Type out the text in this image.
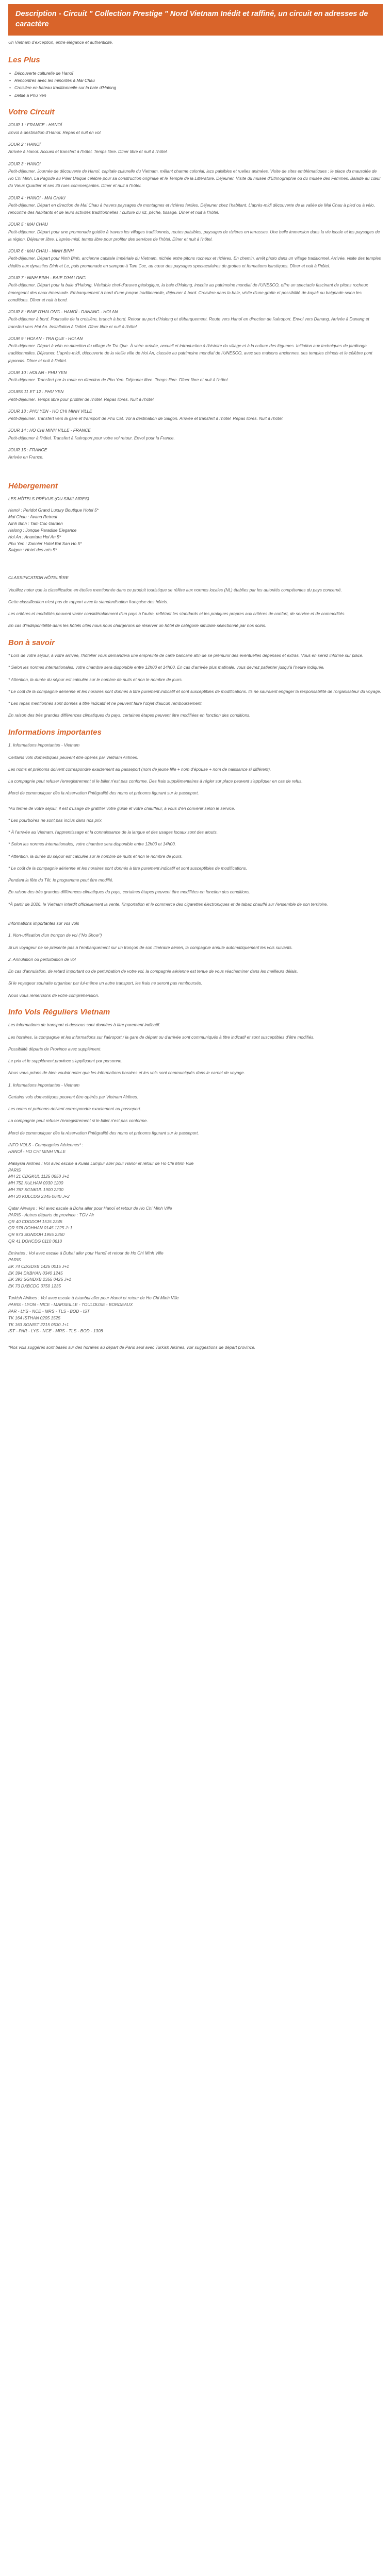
Description - Circuit " Collection Prestige " Nord Vietnam Inédit et raffiné, un circuit en adresses de caractère
Un Vietnam d'exception, entre élégance et authenticité.
Les Plus
• Découverte culturelle de Hanoï
• Rencontres avec les minorités à Mai Chau
• Croisière en bateau traditionnelle sur la baie d'Halong
• Défilé à Phu Yen
Votre Circuit
JOUR 1 : FRANCE - HANOÏ
Envol à destination d'Hanoï. Repas et nuit en vol.
JOUR 2 : HANOÏ
Arrivée à Hanoï. Accueil et transfert à l'hôtel. Temps libre. Dîner libre et nuit à l'hôtel.
JOUR 3 : HANOÏ
Petit-déjeuner. Journée de découverte de Hanoï, capitale culturelle du Vietnam, mêlant charme colonial, lacs paisibles et ruelles animées. Visite de sites emblématiques : le place du mausolée de Ho Chi Minh, La Pagode au Pilier Unique célèbre pour sa construction originale et le Temple de la Littérature. Déjeuner. Visite du musée d'Ethnographie ou du musée des Femmes. Balade au cœur du Vieux Quartier et ses 36 rues commerçantes. Dîner et nuit à l'hôtel.
JOUR 4 : HANOÏ - MAI CHAU
Petit-déjeuner. Départ en direction de Mai Chau à travers paysages de montagnes et rizières fertiles. Déjeuner chez l'habitant. L'après-midi découverte de la vallée de Mai Chau à pied ou à vélo, rencontre des habitants et de leurs activités traditionnelles : culture du riz, pêche, tissage. Dîner et nuit à l'hôtel.
JOUR 5 : MAI CHAU
Petit-déjeuner. Départ pour une promenade guidée à travers les villages traditionnels, routes paisibles, paysages de rizières en terrasses. Une belle immersion dans la vie locale et les paysages de la région. Déjeuner libre. L'après-midi, temps libre pour profiter des services de l'hôtel. Dîner et nuit à l'hôtel.
JOUR 6 : MAI CHAU - NINH BINH
Petit-déjeuner. Départ pour Ninh Binh, ancienne capitale impériale du Vietnam, nichée entre pitons rocheux et rizières. En chemin, arrêt photo dans un village traditionnel. Arrivée, visite des temples dédiés aux dynasties Dinh et Le, puis promenade en sampan à Tam Coc, au cœur des paysages spectaculaires de grottes et formations karstiques. Dîner et nuit à l'hôtel.
JOUR 7 : NINH BINH - BAIE D'HALONG
Petit-déjeuner. Départ pour la baie d'Halong. Véritable chef-d'œuvre géologique, la baie d'Halong, inscrite au patrimoine mondial de l'UNESCO, offre un spectacle fascinant de pitons rocheux émergeant des eaux émeraude. Embarquement à bord d'une jonque traditionnelle, déjeuner à bord. Croisière dans la baie, visite d'une grotte et possibilité de kayak ou baignade selon les conditions. Dîner et nuit à bord.
JOUR 8 : BAIE D'HALONG - HANOÏ - DANANG - HOI AN
Petit-déjeuner à bord. Poursuite de la croisière, brunch à bord. Retour au port d'Halong et débarquement. Route vers Hanoï en direction de l'aéroport. Envol vers Danang. Arrivée à Danang et transfert vers Hoi An. Installation à l'hôtel. Dîner libre et nuit à l'hôtel.
JOUR 9 : HOI AN - TRA QUE - HOI AN
Petit-déjeuner. Départ à vélo en direction du village de Tra Que. À votre arrivée, accueil et introduction à l'histoire du village et à la culture des légumes. Initiation aux techniques de jardinage traditionnelles. Déjeuner. L'après-midi, découverte de la vieille ville de Hoi An, classée au patrimoine mondial de l'UNESCO, avec ses maisons anciennes, ses temples chinois et le célèbre pont japonais. Dîner et nuit à l'hôtel.
JOUR 10 : HOI AN - PHU YEN
Petit-déjeuner. Transfert par la route en direction de Phu Yen. Déjeuner libre. Temps libre. Dîner libre et nuit à l'hôtel.
JOURS 11 ET 12 : PHU YEN
Petit-déjeuner. Temps libre pour profiter de l'hôtel. Repas libres. Nuit à l'hôtel.
JOUR 13 : PHU YEN - HO CHI MINH VILLE
Petit-déjeuner. Transfert vers la gare et transport de Phu Cat. Vol à destination de Saigon. Arrivée et transfert à l'hôtel. Repas libres. Nuit à l'hôtel.
JOUR 14 : HO CHI MINH VILLE - FRANCE
Petit-déjeuner à l'hôtel. Transfert à l'aéroport pour votre vol retour. Envol pour la France.
JOUR 15 : FRANCE
Arrivée en France.
Hébergement
LES HÔTELS PRÉVUS (OU SIMILAIRES)
Hanoï : Peridot Grand Luxury Boutique Hotel 5*
Mai Chau : Avana Retreat
Ninh Binh : Tam Coc Garden
Halong : Jonque Paradise Elegance
Hoi An : Anantara Hoi An 5*
Phu Yen : Zannier Hotel Bai San Ho 5*
Saigon : Hotel des arts 5*
CLASSIFICATION HÔTELIÈRE
Veuillez noter que la classification en étoiles mentionnée dans ce produit touristique se réfère aux normes locales (NL) établies par les autorités compétentes du pays concerné.
Cette classification n'est pas de rapport avec la standardisation française des hôtels.
Les critères et modalités peuvent varier considérablement d'un pays à l'autre, reflétant les standards et les pratiques propres aux critères de confort, de service et de commodités.
En cas d'indisponibilité dans les hôtels cités nous nous chargerons de réserver un hôtel de catégorie similaire sélectionné par nos soins.
Bon à savoir
* Lors de votre séjour, à votre arrivée, l'hôtelier vous demandera une empreinte de carte bancaire afin de se prémunir des éventuelles dépenses et extras. Vous en serez informé sur place.
* Selon les normes internationales, votre chambre sera disponible entre 12h00 et 14h00. En cas d'arrivée plus matinale, vous devrez patienter jusqu'à l'heure indiquée.
* Attention, la durée du séjour est calculée sur le nombre de nuits et non le nombre de jours.
* Le coût de la compagnie aérienne et les horaires sont donnés à titre purement indicatif et sont susceptibles de modifications. Ils ne sauraient engager la responsabilité de l'organisateur du voyage.
* Les repas mentionnés sont donnés à titre indicatif et ne peuvent faire l'objet d'aucun remboursement.
En raison des très grandes différences climatiques du pays, certaines étapes peuvent être modifiées en fonction des conditions.
Informations importantes
1. Informations importantes - Vietnam
Certains vols domestiques peuvent être opérés par Vietnam Airlines.
Les noms et prénoms doivent correspondre exactement au passeport (nom de jeune fille + nom d'épouse + nom de naissance si différent).
La compagnie peut refuser l'enregistrement si le billet n'est pas conforme. Des frais supplémentaires à régler sur place peuvent s'appliquer en cas de refus.
Merci de communiquer dès la réservation l'intégralité des noms et prénoms figurant sur le passeport.
*Au terme de votre séjour, il est d'usage de gratifier votre guide et votre chauffeur, à vous d'en convenir selon le service.
* Les pourboires ne sont pas inclus dans nos prix.
* À l'arrivée au Vietnam, l'apprentissage et la connaissance de la langue et des usages locaux sont des atouts.
* Selon les normes internationales, votre chambre sera disponible entre 12h00 et 14h00.
* Attention, la durée du séjour est calculée sur le nombre de nuits et non le nombre de jours.
* Le coût de la compagnie aérienne et les horaires sont donnés à titre purement indicatif et sont susceptibles de modifications.
Pendant la fête du Têt, le programme peut être modifié.
En raison des très grandes différences climatiques du pays, certaines étapes peuvent être modifiées en fonction des conditions.
*À partir de 2026, le Vietnam interdit officiellement la vente, l'importation et le commerce des cigarettes électroniques et de tabac chauffé sur l'ensemble de son territoire.
Informations importantes sur vos vols
1. Non-utilisation d'un tronçon de vol ("No Show")
Si un voyageur ne se présente pas à l'embarquement sur un tronçon de son itinéraire aérien, la compagnie annule automatiquement les vols suivants.
2. Annulation ou perturbation de vol
En cas d'annulation, de retard important ou de perturbation de votre vol, la compagnie aérienne est tenue de vous réacheminer dans les meilleurs délais.
Si le voyageur souhaite organiser par lui-même un autre transport, les frais ne seront pas remboursés.
Nous vous remercions de votre compréhension.
Info Vols Réguliers Vietnam
Les informations de transport ci-dessous sont données à titre purement indicatif.
Les horaires, la compagnie et les informations sur l'aéroport / la gare de départ ou d'arrivée sont communiqués à titre indicatif et sont susceptibles d'être modifiés.
Possibilité départs de Province avec supplément.
Le prix et le supplément province s'appliquent par personne.
Nous vous prions de bien vouloir noter que les informations horaires et les vols sont communiqués dans le carnet de voyage.
1. Informations importantes - Vietnam
Certains vols domestiques peuvent être opérés par Vietnam Airlines.
Les noms et prénoms doivent correspondre exactement au passeport.
La compagnie peut refuser l'enregistrement si le billet n'est pas conforme.
Merci de communiquer dès la réservation l'intégralité des noms et prénoms figurant sur le passeport.
INFO VOLS - Compagnies Aériennes* :
HANOÏ - HO CHI MINH VILLE
Malaysia Airlines : Vol avec escale à Kuala Lumpur aller pour Hanoï et retour de Ho Chi Minh Ville
PARIS
MH 21 CDGKUL 1125 0650 J+1
MH 752 KULHAN 0930 1200
MH 767 SGNKUL 1900 2200
MH 20 KULCDG 2345 0640 J+2
Qatar Airways : Vol avec escale à Doha aller pour Hanoï et retour de Ho Chi Minh Ville
PARIS - Autres départs de province : TGV Air
QR 40 CDGDOH 1515 2345
QR 976 DOHHAN 0145 1225 J+1
QR 973 SGNDOH 1955 2350
QR 41 DOHCDG 0110 0610
Emirates : Vol avec escale à Dubaï aller pour Hanoï et retour de Ho Chi Minh Ville
PARIS
EK 74 CDGDXB 1425 0015 J+1
EK 394 DXBHAN 0340 1245
EK 393 SGNDXB 2355 0425 J+1
EK 73 DXBCDG 0750 1235
Turkish Airlines : Vol avec escale à Istanbul aller pour Hanoï et retour de Ho Chi Minh Ville
PARIS - LYON - NICE - MARSEILLE - TOULOUSE - BORDEAUX
PAR - LYS - NCE - MRS - TLS - BOD - IST
TK 164 ISTHAN 0205 1525
TK 163 SGNIST 2215 0530 J+1
IST - PAR - LYS - NCE - MRS - TLS - BOD - 1308
*Nos vols suggérés sont basés sur des horaires au départ de Paris seul avec Turkish Airlines, voir suggestions de départ province.
